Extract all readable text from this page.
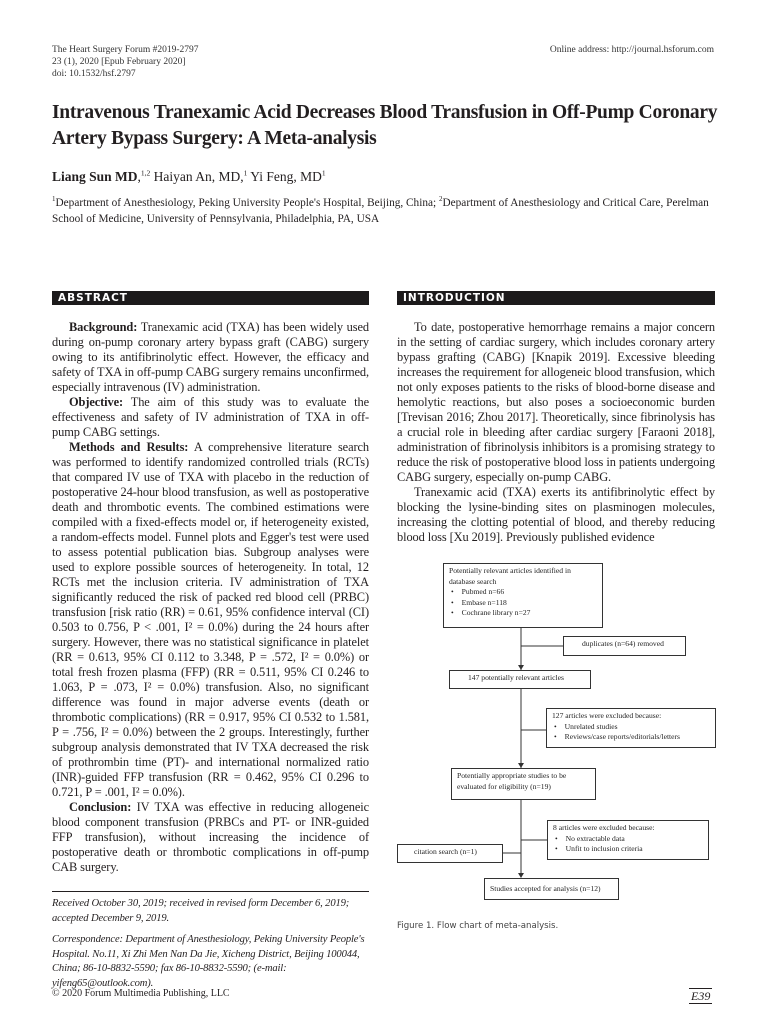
The Heart Surgery Forum #2019-2797
23 (1), 2020 [Epub February 2020]
doi: 10.1532/hsf.2797
Online address: http://journal.hsforum.com
Intravenous Tranexamic Acid Decreases Blood Transfusion in Off-Pump Coronary Artery Bypass Surgery: A Meta-analysis
Liang Sun MD,$^{1,2}$ Haiyan An, MD,$^1$ Yi Feng, $MD^1$
$^1$Department of Anesthesiology, Peking University People's Hospital, Beijing, China; $^2$Department of Anesthesiology and Critical Care, Perelman School of Medicine, University of Pennsylvania, Philadelphia, PA, USA
ABSTRACT

Background: Tranexamic acid (TXA) has been widely used during on-pump coronary artery bypass graft (CABG) surgery owing to its antifibrinolytic effect. However, the efficacy and safety of TXA in off-pump CABG surgery remains unconfirmed, especially intravenous (IV) administration.

Objective: The aim of this study was to evaluate the effectiveness and safety of IV administration of TXA in off-pump CABG settings.

Methods and Results: A comprehensive literature search was performed to identify randomized controlled trials (RCTs) that compared IV use of TXA with placebo in the reduction of postoperative 24-hour blood transfusion, as well as postoperative death and thrombotic events. The combined estimations were compiled with a fixed-effects model or, if heterogeneity existed, a random-effects model. Funnel plots and Egger's test were used to assess potential publication bias. Subgroup analyses were used to explore possible sources of heterogeneity. In total, 12 RCTs met the inclusion criteria. IV administration of TXA significantly reduced the risk of packed red blood cell (PRBC) transfusion [risk ratio (RR) = 0.61, 95% confidence interval (CI) 0.503 to 0.756, P < .001, I² = 0.0%) during the 24 hours after surgery. However, there was no statistical significance in platelet (RR = 0.613, 95% CI 0.112 to 3.348, P = .572, I² = 0.0%) or total fresh frozen plasma (FFP) (RR = 0.511, 95% CI 0.246 to 1.063, P = .073, I² = 0.0%) transfusion. Also, no significant difference was found in major adverse events (death or thrombotic complications) (RR = 0.917, 95% CI 0.532 to 1.581, P = .756, I² = 0.0%) between the 2 groups. Interestingly, further subgroup analysis demonstrated that IV TXA decreased the risk of prothrombin time (PT)- and international normalized ratio (INR)-guided FFP transfusion (RR = 0.462, 95% CI 0.296 to 0.721, P = .001, I² = 0.0%).

Conclusion: IV TXA was effective in reducing allogeneic blood component transfusion (PRBCs and PT- or INR-guided FFP transfusion), without increasing the incidence of postoperative death or thrombotic complications in off-pump CAB surgery.

Received October 30, 2019; received in revised form December 6, 2019; accepted December 9, 2019.
Correspondence: Department of Anesthesiology, Peking University People's Hospital. No.11, Xi Zhi Men Nan Da Jie, Xicheng District, Beijing 100044, China; 86-10-8832-5590; fax 86-10-8832-5590; (e-mail: yifeng65@outlook.com).
INTRODUCTION

To date, postoperative hemorrhage remains a major concern in the setting of cardiac surgery, which includes coronary artery bypass grafting (CABG) [Knapik 2019]. Excessive bleeding increases the requirement for allogeneic blood transfusion, which not only exposes patients to the risks of blood-borne disease and hemolytic reactions, but also poses a socioeconomic burden [Trevisan 2016; Zhou 2017]. Theoretically, since fibrinolysis has a crucial role in bleeding after cardiac surgery [Faraoni 2018], administration of fibrinolysis inhibitors is a promising strategy to reduce the risk of postoperative blood loss in patients undergoing CABG surgery, especially on-pump CABG.

Tranexamic acid (TXA) exerts its antifibrinolytic effect by blocking the lysine-binding sites on plasminogen molecules, increasing the clotting potential of blood, and thereby reducing blood loss [Xu 2019]. Previously published evidence

Potentially relevant articles identified in database search
• Pubmed n=66
• Embase n=118
• Cochrane library n=27
duplicates (n=64) removed
147 potentially relevant articles
127 articles were excluded because:
• Unrelated studies
• Reviews/case reports/editorials/letters
Potentially appropriate studies to be evaluated for eligibility (n=19)
8 articles were excluded because:
• No extractable data
• Unfit to inclusion criteria
citation search (n=1)
Studies accepted for analysis (n=12)
Figure 1. Flow chart of meta-analysis.
© 2020 Forum Multimedia Publishing, LLC	E39
